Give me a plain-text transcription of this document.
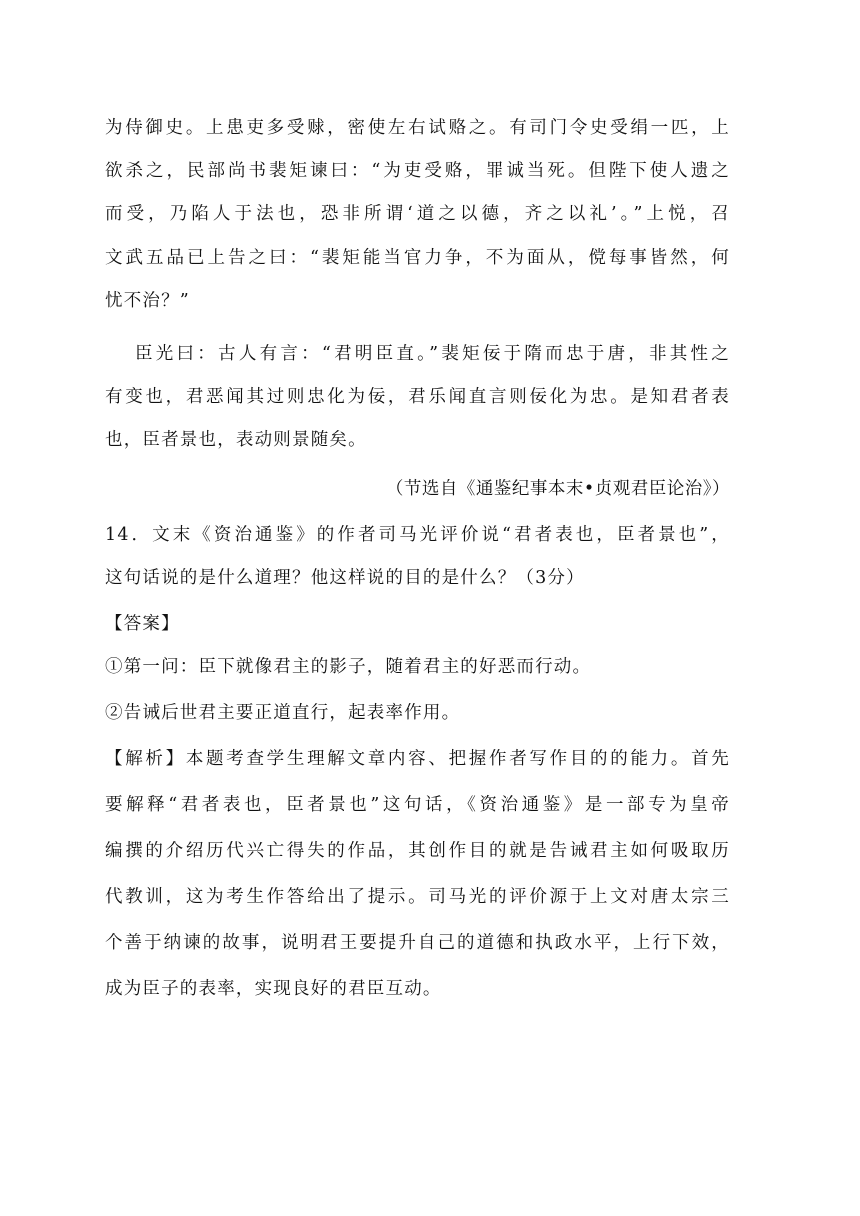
为侍御史。上患吏多受赇，密使左右试赂之。有司门令史受绢一匹，上
欲杀之，民部尚书裴矩谏曰：“为吏受赂，罪诚当死。但陛下使人遗之
而受，乃陷人于法也，恐非所谓‘道之以德，齐之以礼’。”上悦，召
文武五品已上告之曰：“裴矩能当官力争，不为面从，傥每事皆然，何
忧不治？”
臣光曰：古人有言：“君明臣直。”裴矩佞于隋而忠于唐，非其性之
有变也，君恶闻其过则忠化为佞，君乐闻直言则佞化为忠。是知君者表
也，臣者景也，表动则景随矣。
（节选自《通鉴纪事本末•贞观君臣论治》）
14．文末《资治通鉴》的作者司马光评价说“君者表也，臣者景也”，
这句话说的是什么道理？他这样说的目的是什么？（3分）
【答案】
①第一问：臣下就像君主的影子，随着君主的好恶而行动。
②告诫后世君主要正道直行，起表率作用。
【解析】本题考查学生理解文章内容、把握作者写作目的的能力。首先
要解释“君者表也，臣者景也”这句话，《资治通鉴》是一部专为皇帝
编撰的介绍历代兴亡得失的作品，其创作目的就是告诫君主如何吸取历
代教训，这为考生作答给出了提示。司马光的评价源于上文对唐太宗三
个善于纳谏的故事，说明君王要提升自己的道德和执政水平，上行下效，
成为臣子的表率，实现良好的君臣互动。
